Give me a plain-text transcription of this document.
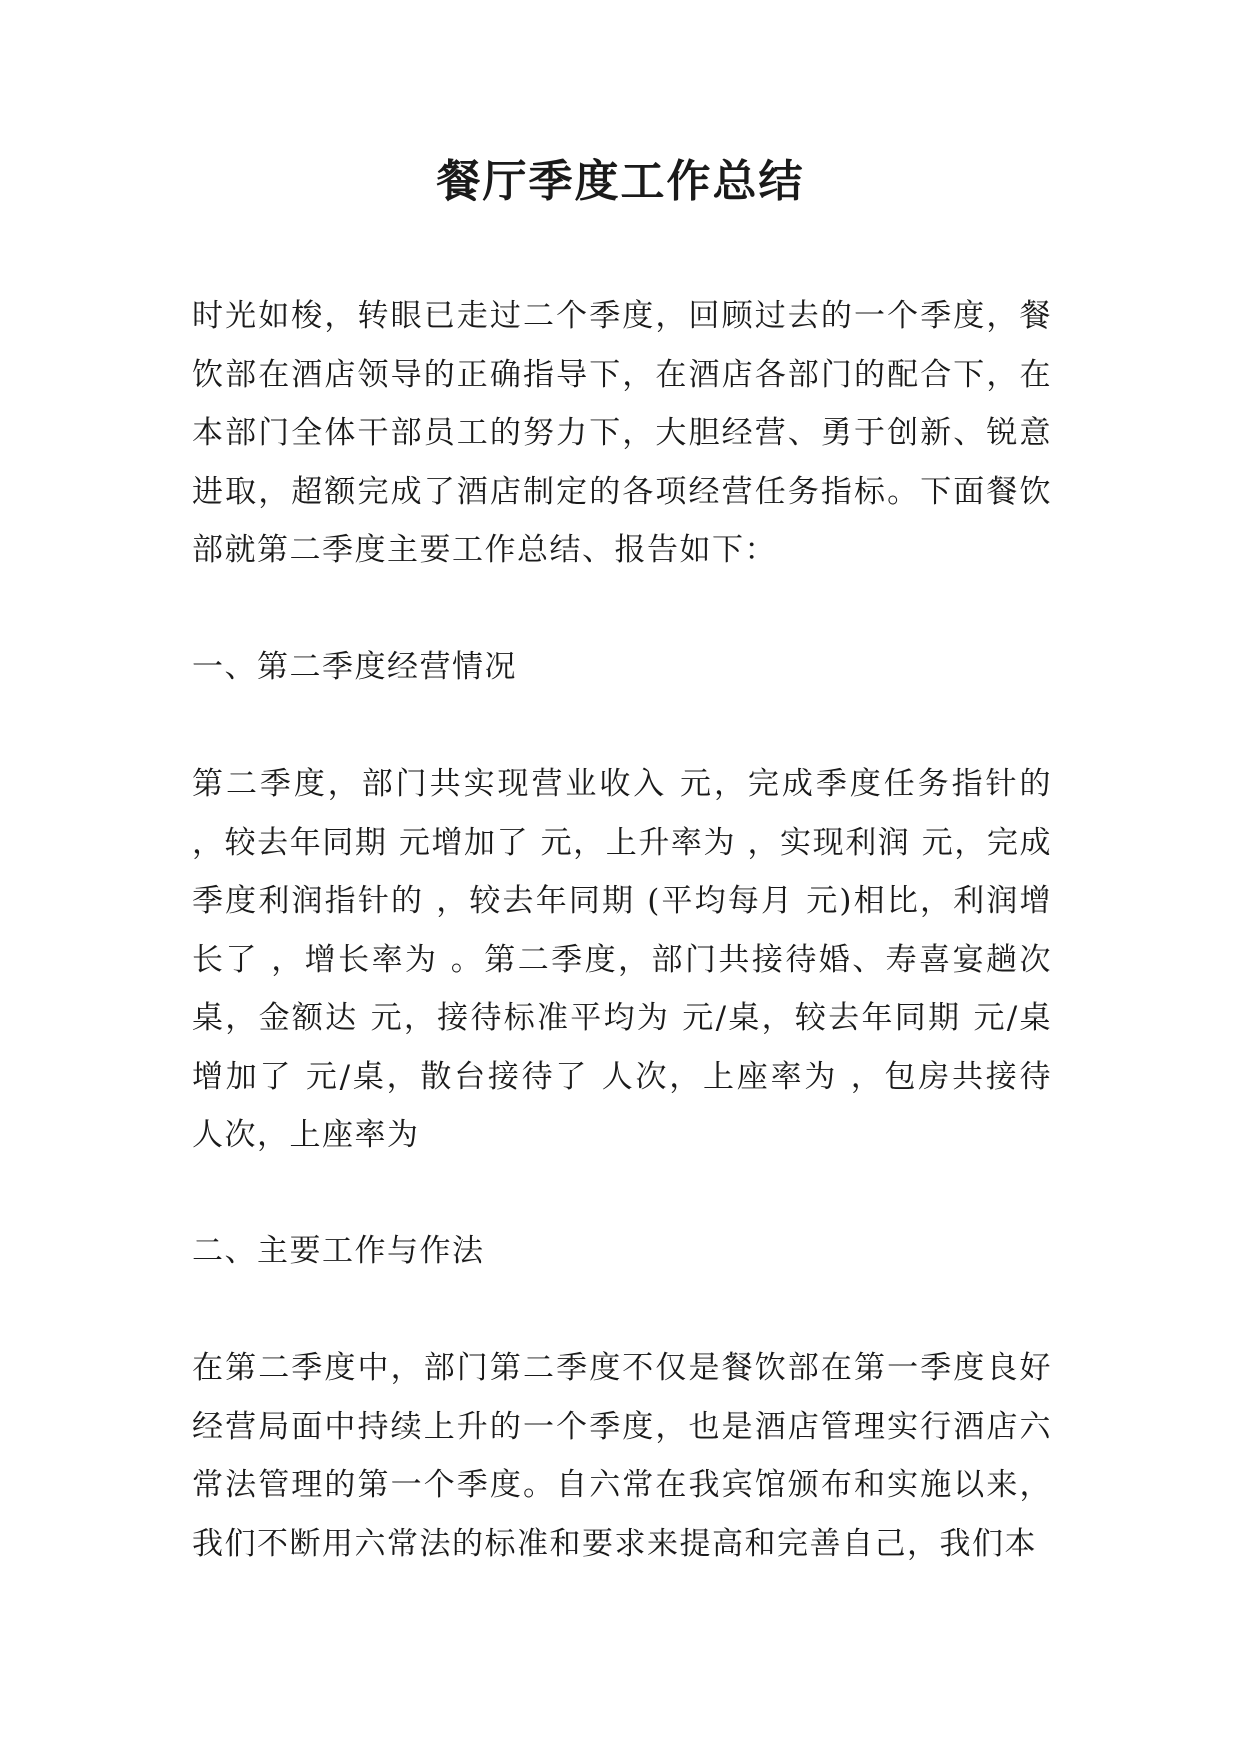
餐厅季度工作总结

时光如梭，转眼已走过二个季度，回顾过去的一个季度，餐饮部在酒店领导的正确指导下，在酒店各部门的配合下，在本部门全体干部员工的努力下，大胆经营、勇于创新、锐意进取，超额完成了酒店制定的各项经营任务指标。下面餐饮部就第二季度主要工作总结、报告如下：

一、第二季度经营情况

第二季度，部门共实现营业收入 元，完成季度任务指针的 ，较去年同期 元增加了 元，上升率为 ，实现利润 元，完成季度利润指针的 ，较去年同期 (平均每月 元)相比，利润增长了 ，增长率为 。第二季度，部门共接待婚、寿喜宴趟次 桌，金额达 元，接待标准平均为 元/桌，较去年同期 元/桌增加了 元/桌，散台接待了 人次，上座率为 ，包房共接待 人次，上座率为

二、主要工作与作法

在第二季度中，部门第二季度不仅是餐饮部在第一季度良好经营局面中持续上升的一个季度，也是酒店管理实行酒店六常法管理的第一个季度。自六常在我宾馆颁布和实施以来，我们不断用六常法的标准和要求来提高和完善自己，我们本
